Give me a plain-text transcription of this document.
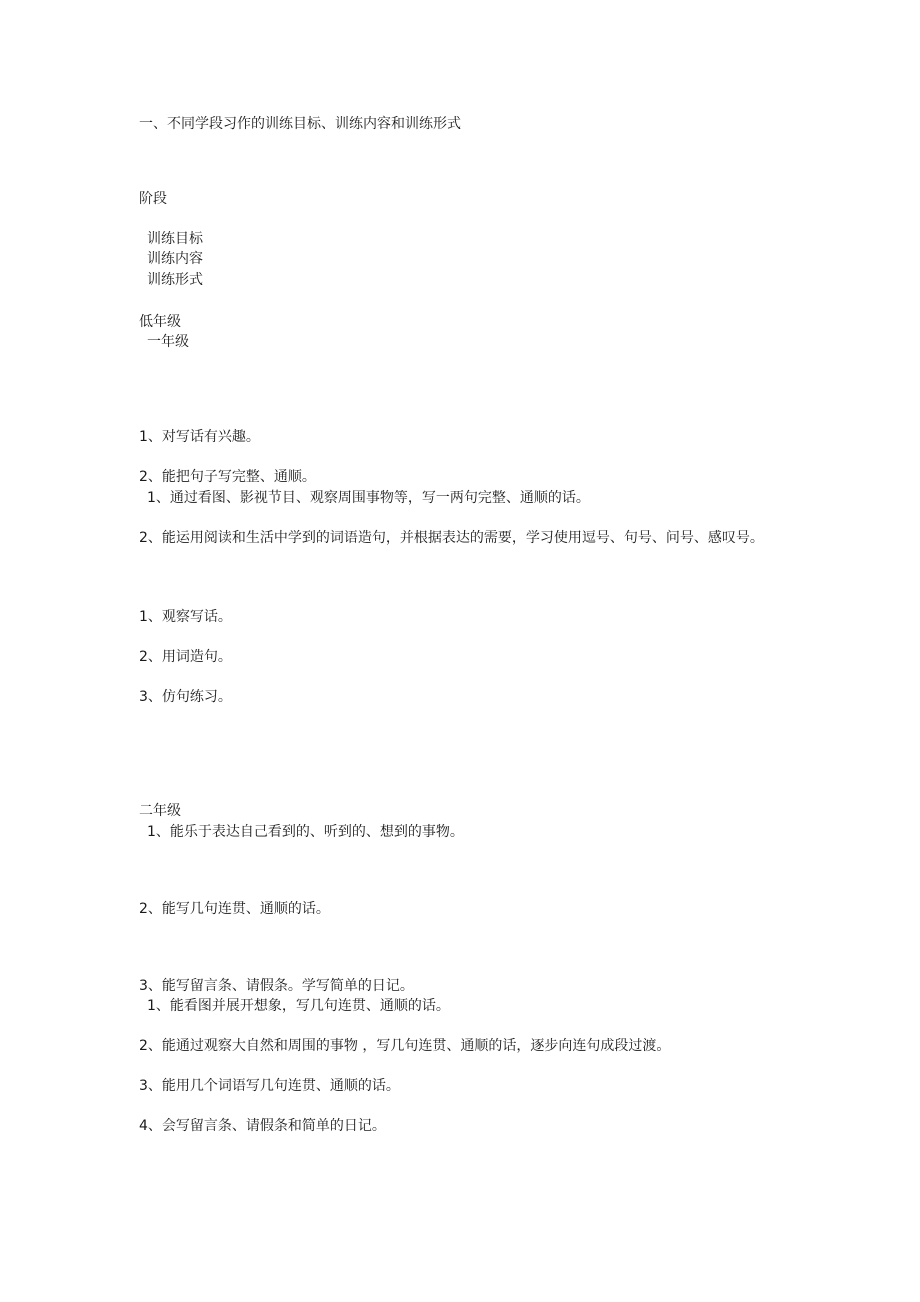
一、不同学段习作的训练目标、训练内容和训练形式
阶段
训练目标
训练内容
训练形式
低年级
一年级
1、对写话有兴趣。
2、能把句子写完整、通顺。
1、通过看图、影视节目、观察周围事物等，写一两句完整、通顺的话。
2、能运用阅读和生活中学到的词语造句，并根据表达的需要，学习使用逗号、句号、问号、感叹号。
1、观察写话。
2、用词造句。
3、仿句练习。
二年级
1、能乐于表达自己看到的、听到的、想到的事物。
2、能写几句连贯、通顺的话。
3、能写留言条、请假条。学写简单的日记。
1、能看图并展开想象，写几句连贯、通顺的话。
2、能通过观察大自然和周围的事物 ，写几句连贯、通顺的话，逐步向连句成段过渡。
3、能用几个词语写几句连贯、通顺的话。
4、会写留言条、请假条和简单的日记。
